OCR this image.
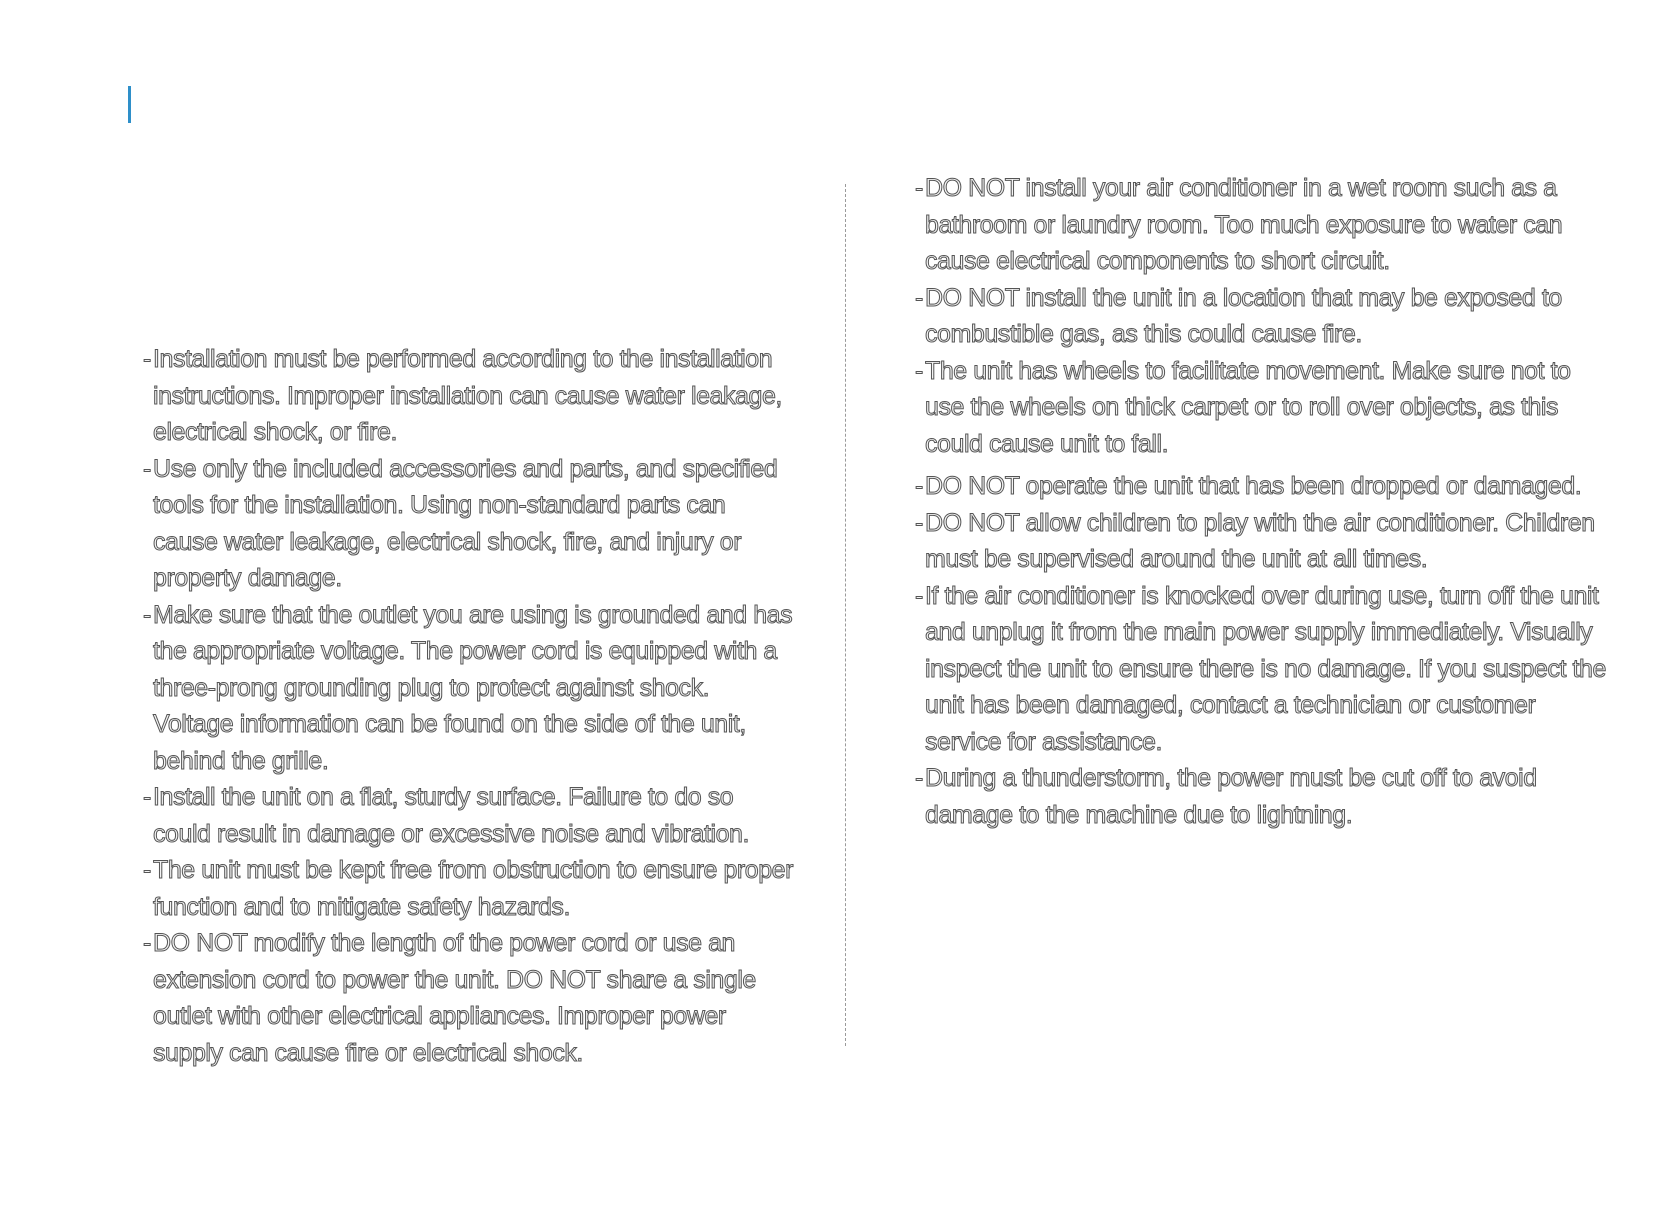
- Installation must be performed according to the installation instructions. Improper installation can cause water leakage, electrical shock, or fire.
- Use only the included accessories and parts, and specified tools for the installation. Using non-standard parts can cause water leakage, electrical shock, fire, and injury or property damage.
- Make sure that the outlet you are using is grounded and has the appropriate voltage. The power cord is equipped with a three-prong grounding plug to protect against shock. Voltage information can be found on the side of the unit, behind the grille.
- Install the unit on a flat, sturdy surface. Failure to do so could result in damage or excessive noise and vibration.
- The unit must be kept free from obstruction to ensure proper function and to mitigate safety hazards.
- DO NOT modify the length of the power cord or use an extension cord to power the unit. DO NOT share a single outlet with other electrical appliances. Improper power supply can cause fire or electrical shock.
- DO NOT install your air conditioner in a wet room such as a bathroom or laundry room. Too much exposure to water can cause electrical components to short circuit.
- DO NOT install the unit in a location that may be exposed to combustible gas, as this could cause fire.
- The unit has wheels to facilitate movement. Make sure not to use the wheels on thick carpet or to roll over objects, as this could cause unit to fall.
- DO NOT operate the unit that has been dropped or damaged.
- DO NOT allow children to play with the air conditioner. Children must be supervised around the unit at all times.
- If the air conditioner is knocked over during use, turn off the unit and unplug it from the main power supply immediately. Visually inspect the unit to ensure there is no damage. If you suspect the unit has been damaged, contact a technician or customer service for assistance.
- During a thunderstorm, the power must be cut off to avoid damage to the machine due to lightning.
